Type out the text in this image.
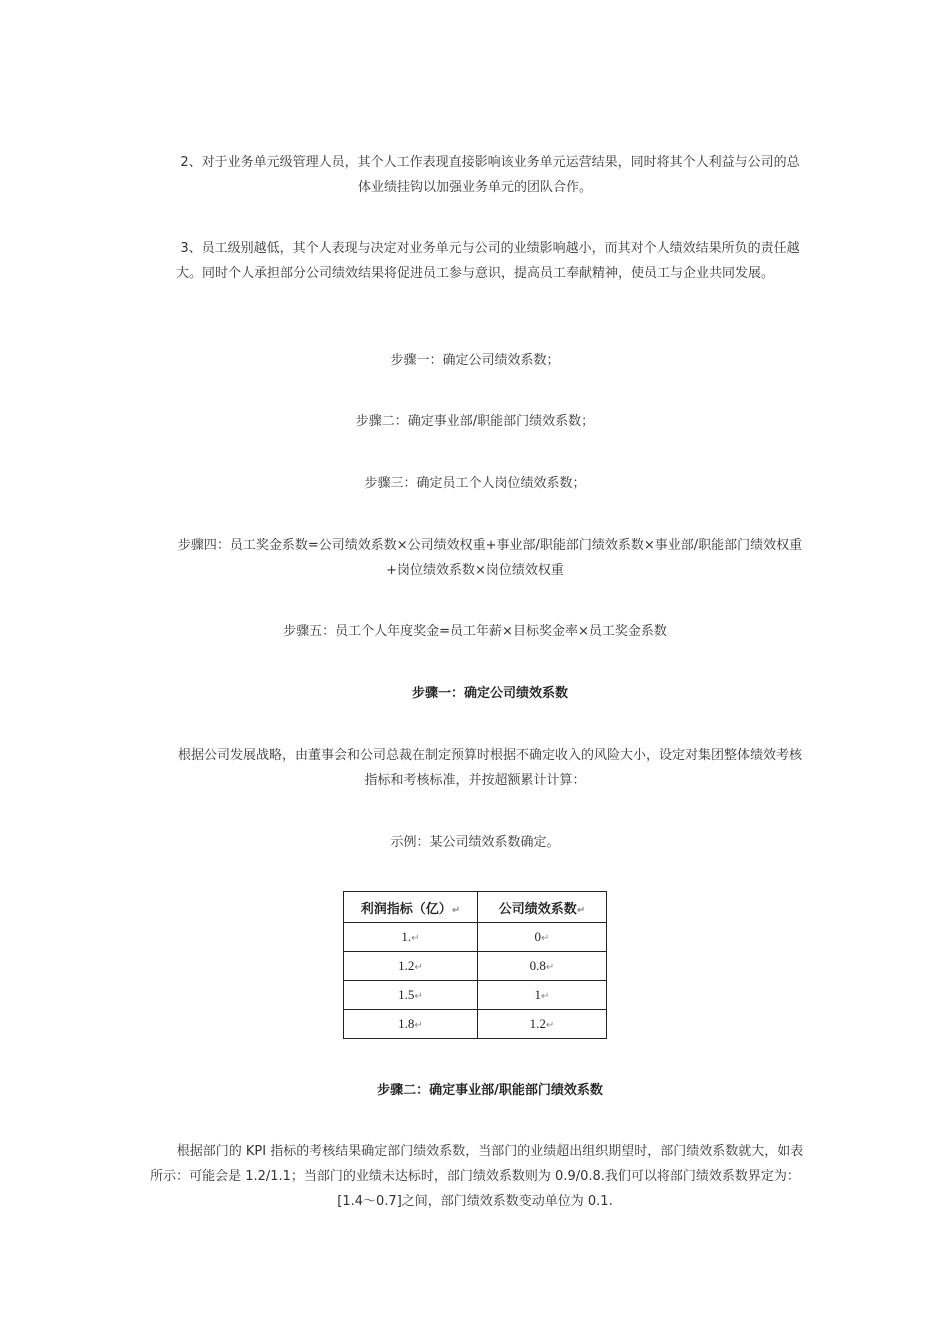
2、对于业务单元级管理人员，其个人工作表现直接影响该业务单元运营结果，同时将其个人利益与公司的总体业绩挂钩以加强业务单元的团队合作。

3、员工级别越低，其个人表现与决定对业务单元与公司的业绩影响越小，而其对个人绩效结果所负的责任越大。同时个人承担部分公司绩效结果将促进员工参与意识，提高员工奉献精神，使员工与企业共同发展。

步骤一：确定公司绩效系数；

步骤二：确定事业部/职能部门绩效系数；

步骤三：确定员工个人岗位绩效系数；

步骤四：员工奖金系数=公司绩效系数×公司绩效权重+事业部/职能部门绩效系数×事业部/职能部门绩效权重+岗位绩效系数×岗位绩效权重

步骤五：员工个人年度奖金=员工年薪×目标奖金率×员工奖金系数

步骤一：确定公司绩效系数

根据公司发展战略，由董事会和公司总裁在制定预算时根据不确定收入的风险大小，设定对集团整体绩效考核指标和考核标准，并按超额累计计算：

示例：某公司绩效系数确定。

利润指标（亿）↵	公司绩效系数↵
1.↵	0↵
1.2↵	0.8↵
1.5↵	1↵
1.8↵	1.2↵
步骤二：确定事业部/职能部门绩效系数

根据部门的 KPI 指标的考核结果确定部门绩效系数，当部门的业绩超出组织期望时，部门绩效系数就大，如表所示：可能会是 1.2/1.1；当部门的业绩未达标时，部门绩效系数则为 0.9/0.8.我们可以将部门绩效系数界定为：[1.4～0.7]之间，部门绩效系数变动单位为 0.1.
